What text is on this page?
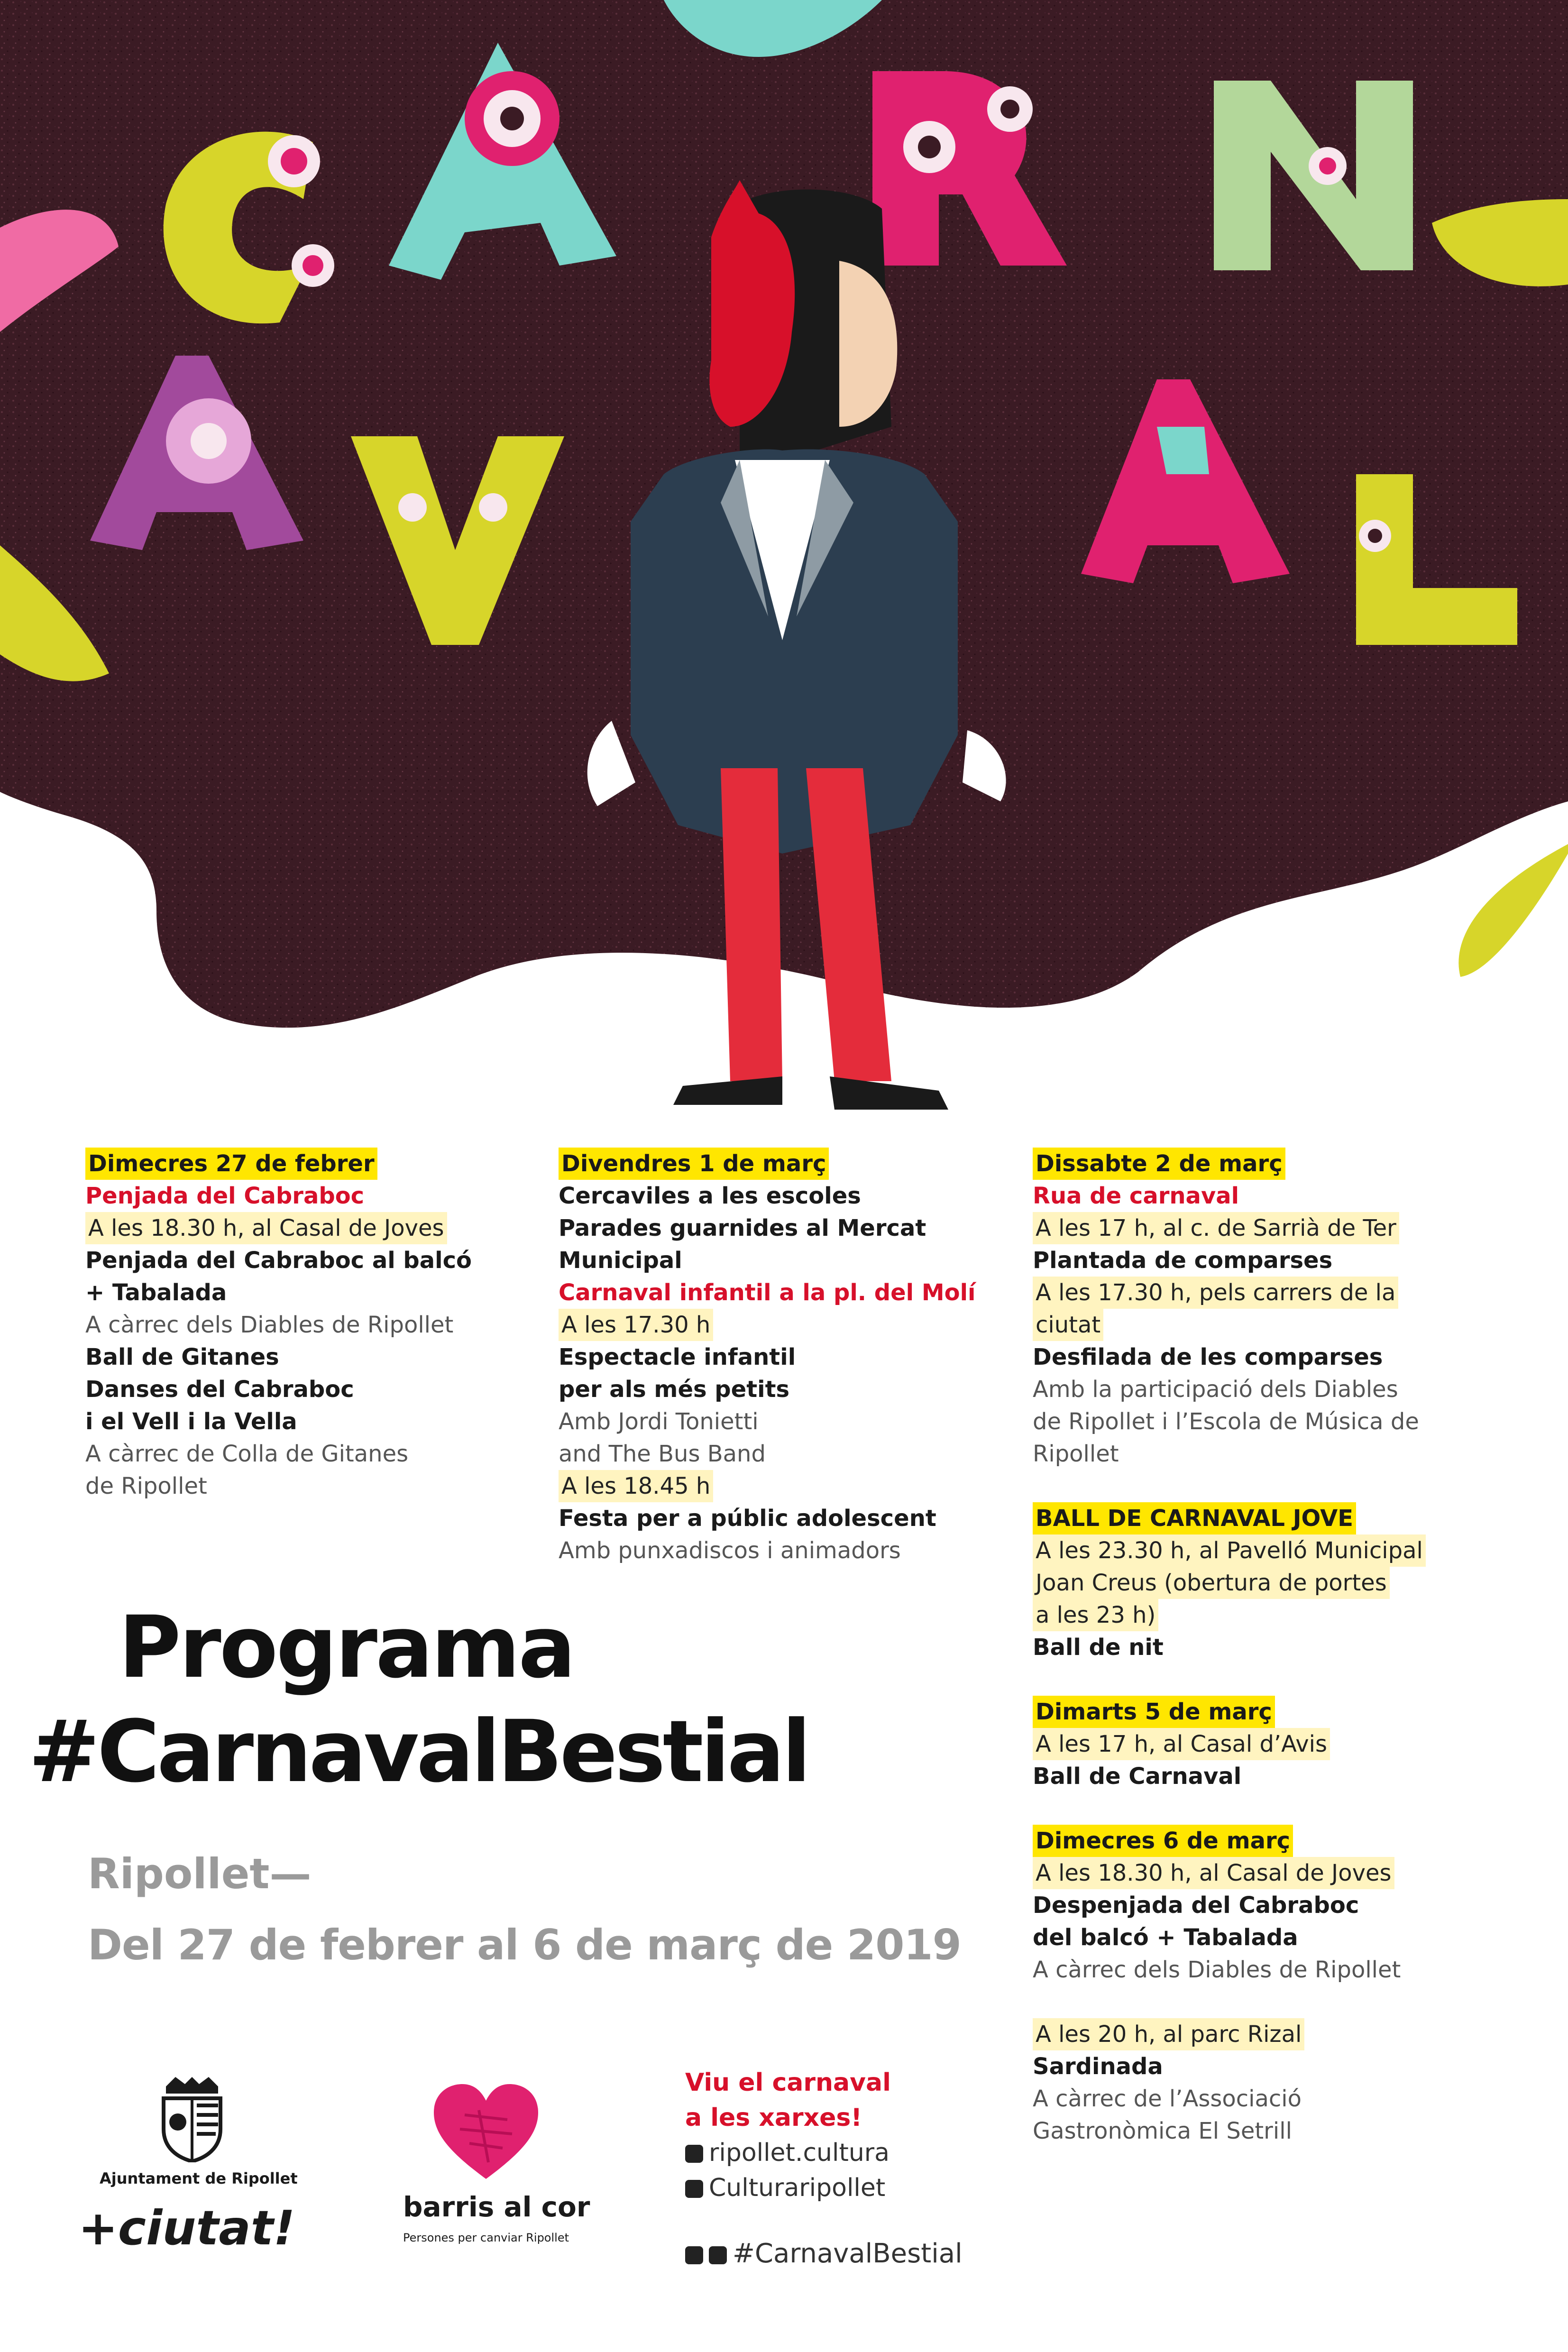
Dimecres 27 de febrer
Penjada del Cabraboc
A les 18.30 h, al Casal de Joves
Penjada del Cabraboc al balcó
+ Tabalada
A càrrec dels Diables de Ripollet
Ball de Gitanes
Danses del Cabraboc
i el Vell i la Vella
A càrrec de Colla de Gitanes
de Ripollet
Divendres 1 de març
Cercaviles a les escoles
Parades guarnides al Mercat
Municipal
Carnaval infantil a la pl. del Molí
A les 17.30 h
Espectacle infantil
per als més petits
Amb Jordi Tonietti
and The Bus Band
A les 18.45 h
Festa per a públic adolescent
Amb punxadiscos i animadors
Dissabte 2 de març
Rua de carnaval
A les 17 h, al c. de Sarrià de Ter
Plantada de comparses
A les 17.30 h, pels carrers de la
ciutat
Desfilada de les comparses
Amb la participació dels Diables
de Ripollet i l’Escola de Música de
Ripollet
BALL DE CARNAVAL JOVE
A les 23.30 h, al Pavelló Municipal
Joan Creus (obertura de portes
a les 23 h)
Ball de nit
Dimarts 5 de març
A les 17 h, al Casal d’Avis
Ball de Carnaval
Dimecres 6 de març
A les 18.30 h, al Casal de Joves
Despenjada del Cabraboc
del balcó + Tabalada
A càrrec dels Diables de Ripollet
A les 20 h, al parc Rizal
Sardinada
A càrrec de l’Associació
Gastronòmica El Setrill
Programa
#CarnavalBestial
Ripollet—
Del 27 de febrer al 6 de març de 2019
Ajuntament de Ripollet
+ciutat!	barris al cor
Persones per canviar Ripollet
Viu el carnaval
a les xarxes!
ripollet.cultura
Culturaripollet
#CarnavalBestial
